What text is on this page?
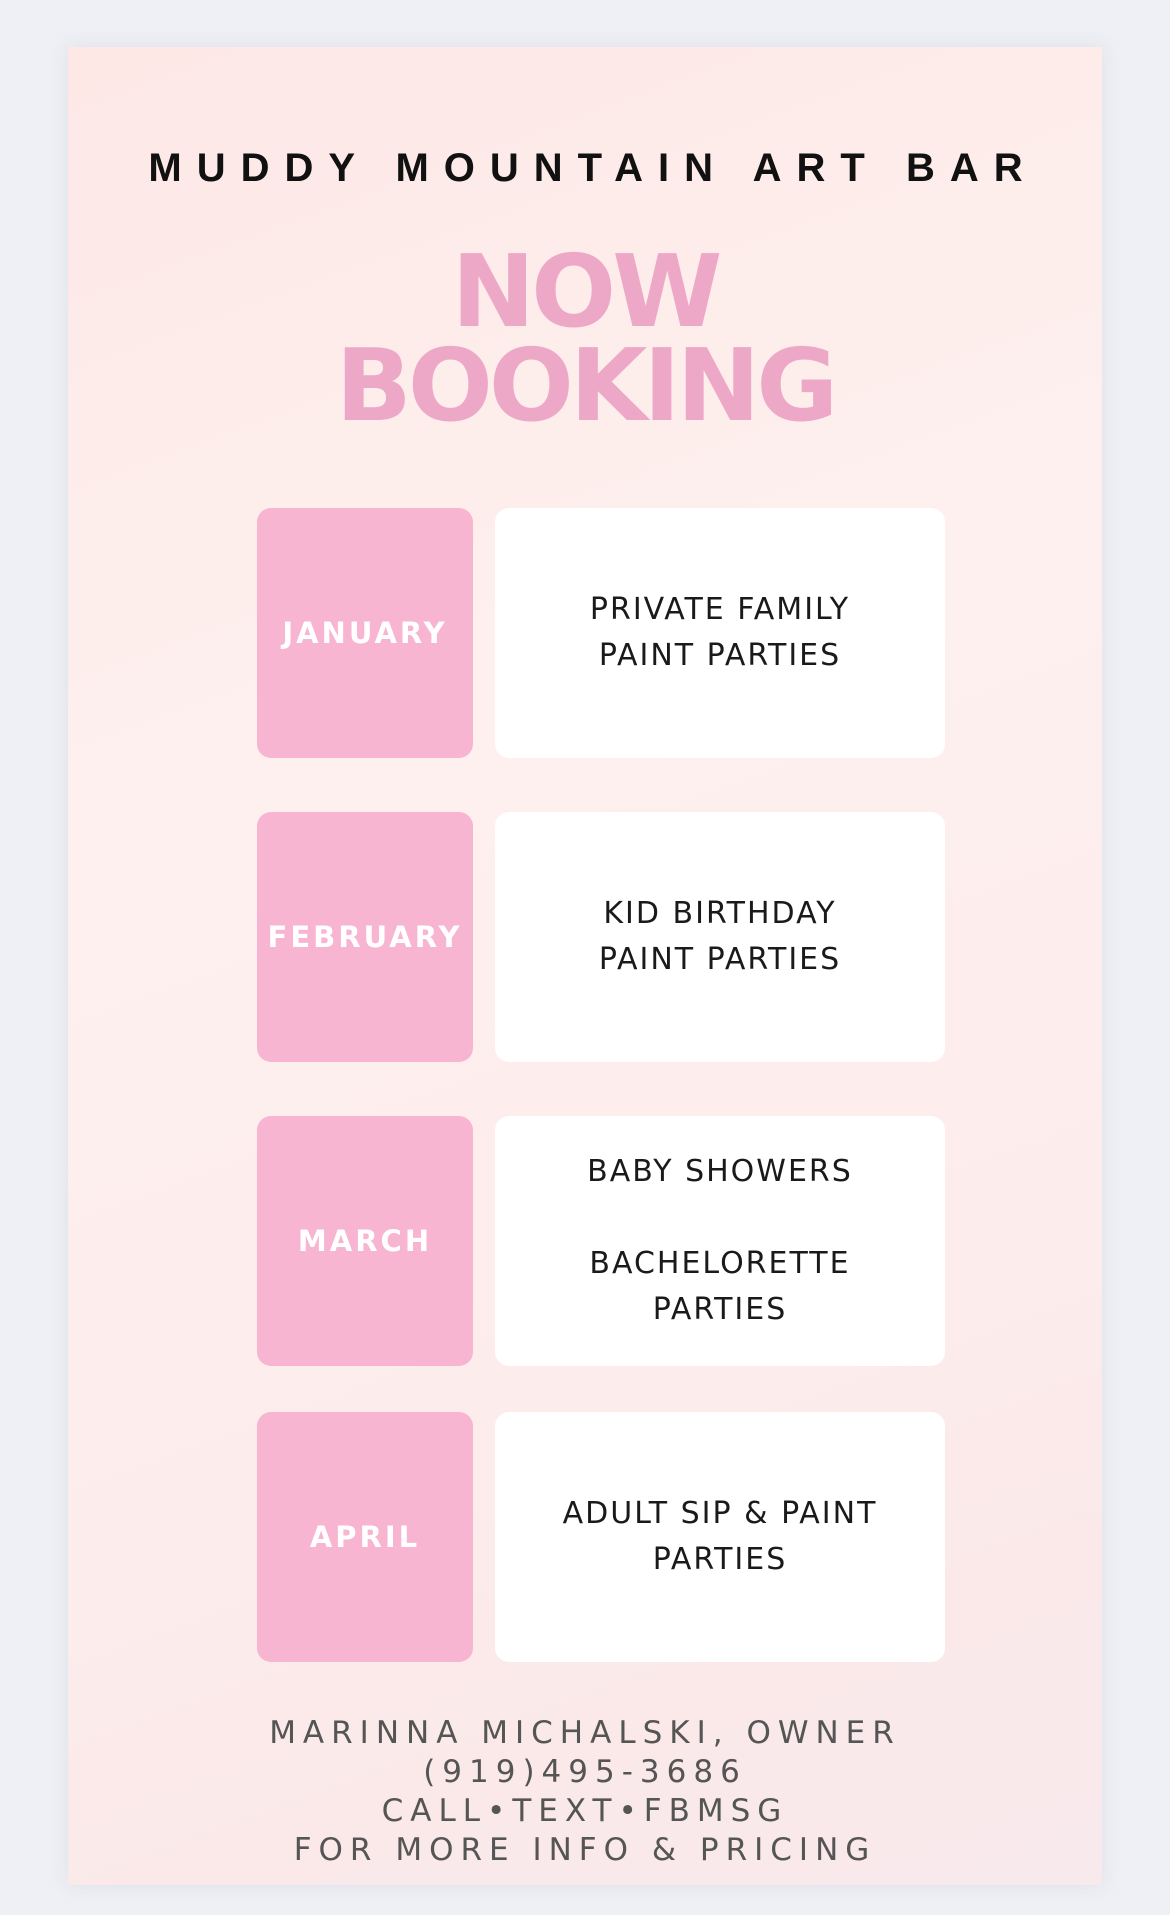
MUDDY MOUNTAIN ART BAR
NOW
BOOKING
JANUARY
PRIVATE FAMILY
PAINT PARTIES
FEBRUARY
KID BIRTHDAY
PAINT PARTIES
MARCH
BABY SHOWERS

BACHELORETTE
PARTIES
APRIL
ADULT SIP & PAINT
PARTIES
MARINNA MICHALSKI, OWNER
(919)495-3686
CALL•TEXT•FBMSG
FOR MORE INFO & PRICING
